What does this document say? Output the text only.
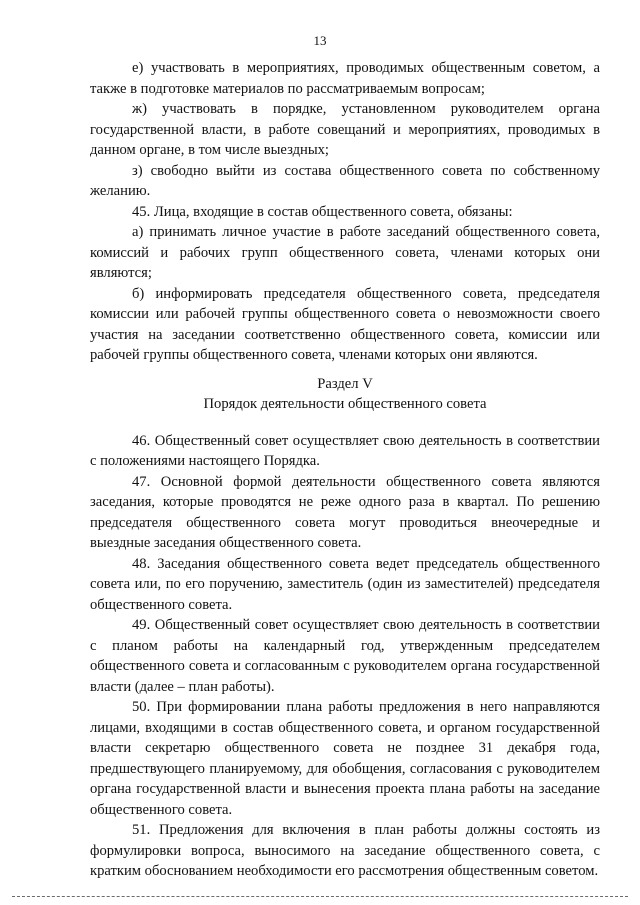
13

е) участвовать в мероприятиях, проводимых общественным советом, а также в подготовке материалов по рассматриваемым вопросам;

ж) участвовать в порядке, установленном руководителем органа государственной власти, в работе совещаний и мероприятиях, проводимых в данном органе, в том числе выездных;

з) свободно выйти из состава общественного совета по собственному желанию.

45. Лица, входящие в состав общественного совета, обязаны:

а) принимать личное участие в работе заседаний общественного совета, комиссий и рабочих групп общественного совета, членами которых они являются;

б) информировать председателя общественного совета, председателя комиссии или рабочей группы общественного совета о невозможности своего участия на заседании соответственно общественного совета, комиссии или рабочей группы общественного совета, членами которых они являются.

Раздел V

Порядок деятельности общественного совета

46. Общественный совет осуществляет свою деятельность в соответствии с положениями настоящего Порядка.

47. Основной формой деятельности общественного совета являются заседания, которые проводятся не реже одного раза в квартал. По решению председателя общественного совета могут проводиться внеочередные и выездные заседания общественного совета.

48. Заседания общественного совета ведет председатель общественного совета или, по его поручению, заместитель (один из заместителей) председателя общественного совета.

49. Общественный совет осуществляет свою деятельность в соответствии с планом работы на календарный год, утвержденным председателем общественного совета и согласованным с руководителем органа государственной власти (далее – план работы).

50. При формировании плана работы предложения в него направляются лицами, входящими в состав общественного совета, и органом государственной власти секретарю общественного совета не позднее 31 декабря года, предшествующего планируемому, для обобщения, согласования с руководителем органа государственной власти и вынесения проекта плана работы на заседание общественного совета.

51. Предложения для включения в план работы должны состоять из формулировки вопроса, выносимого на заседание общественного совета, с кратким обоснованием необходимости его рассмотрения общественным советом.
